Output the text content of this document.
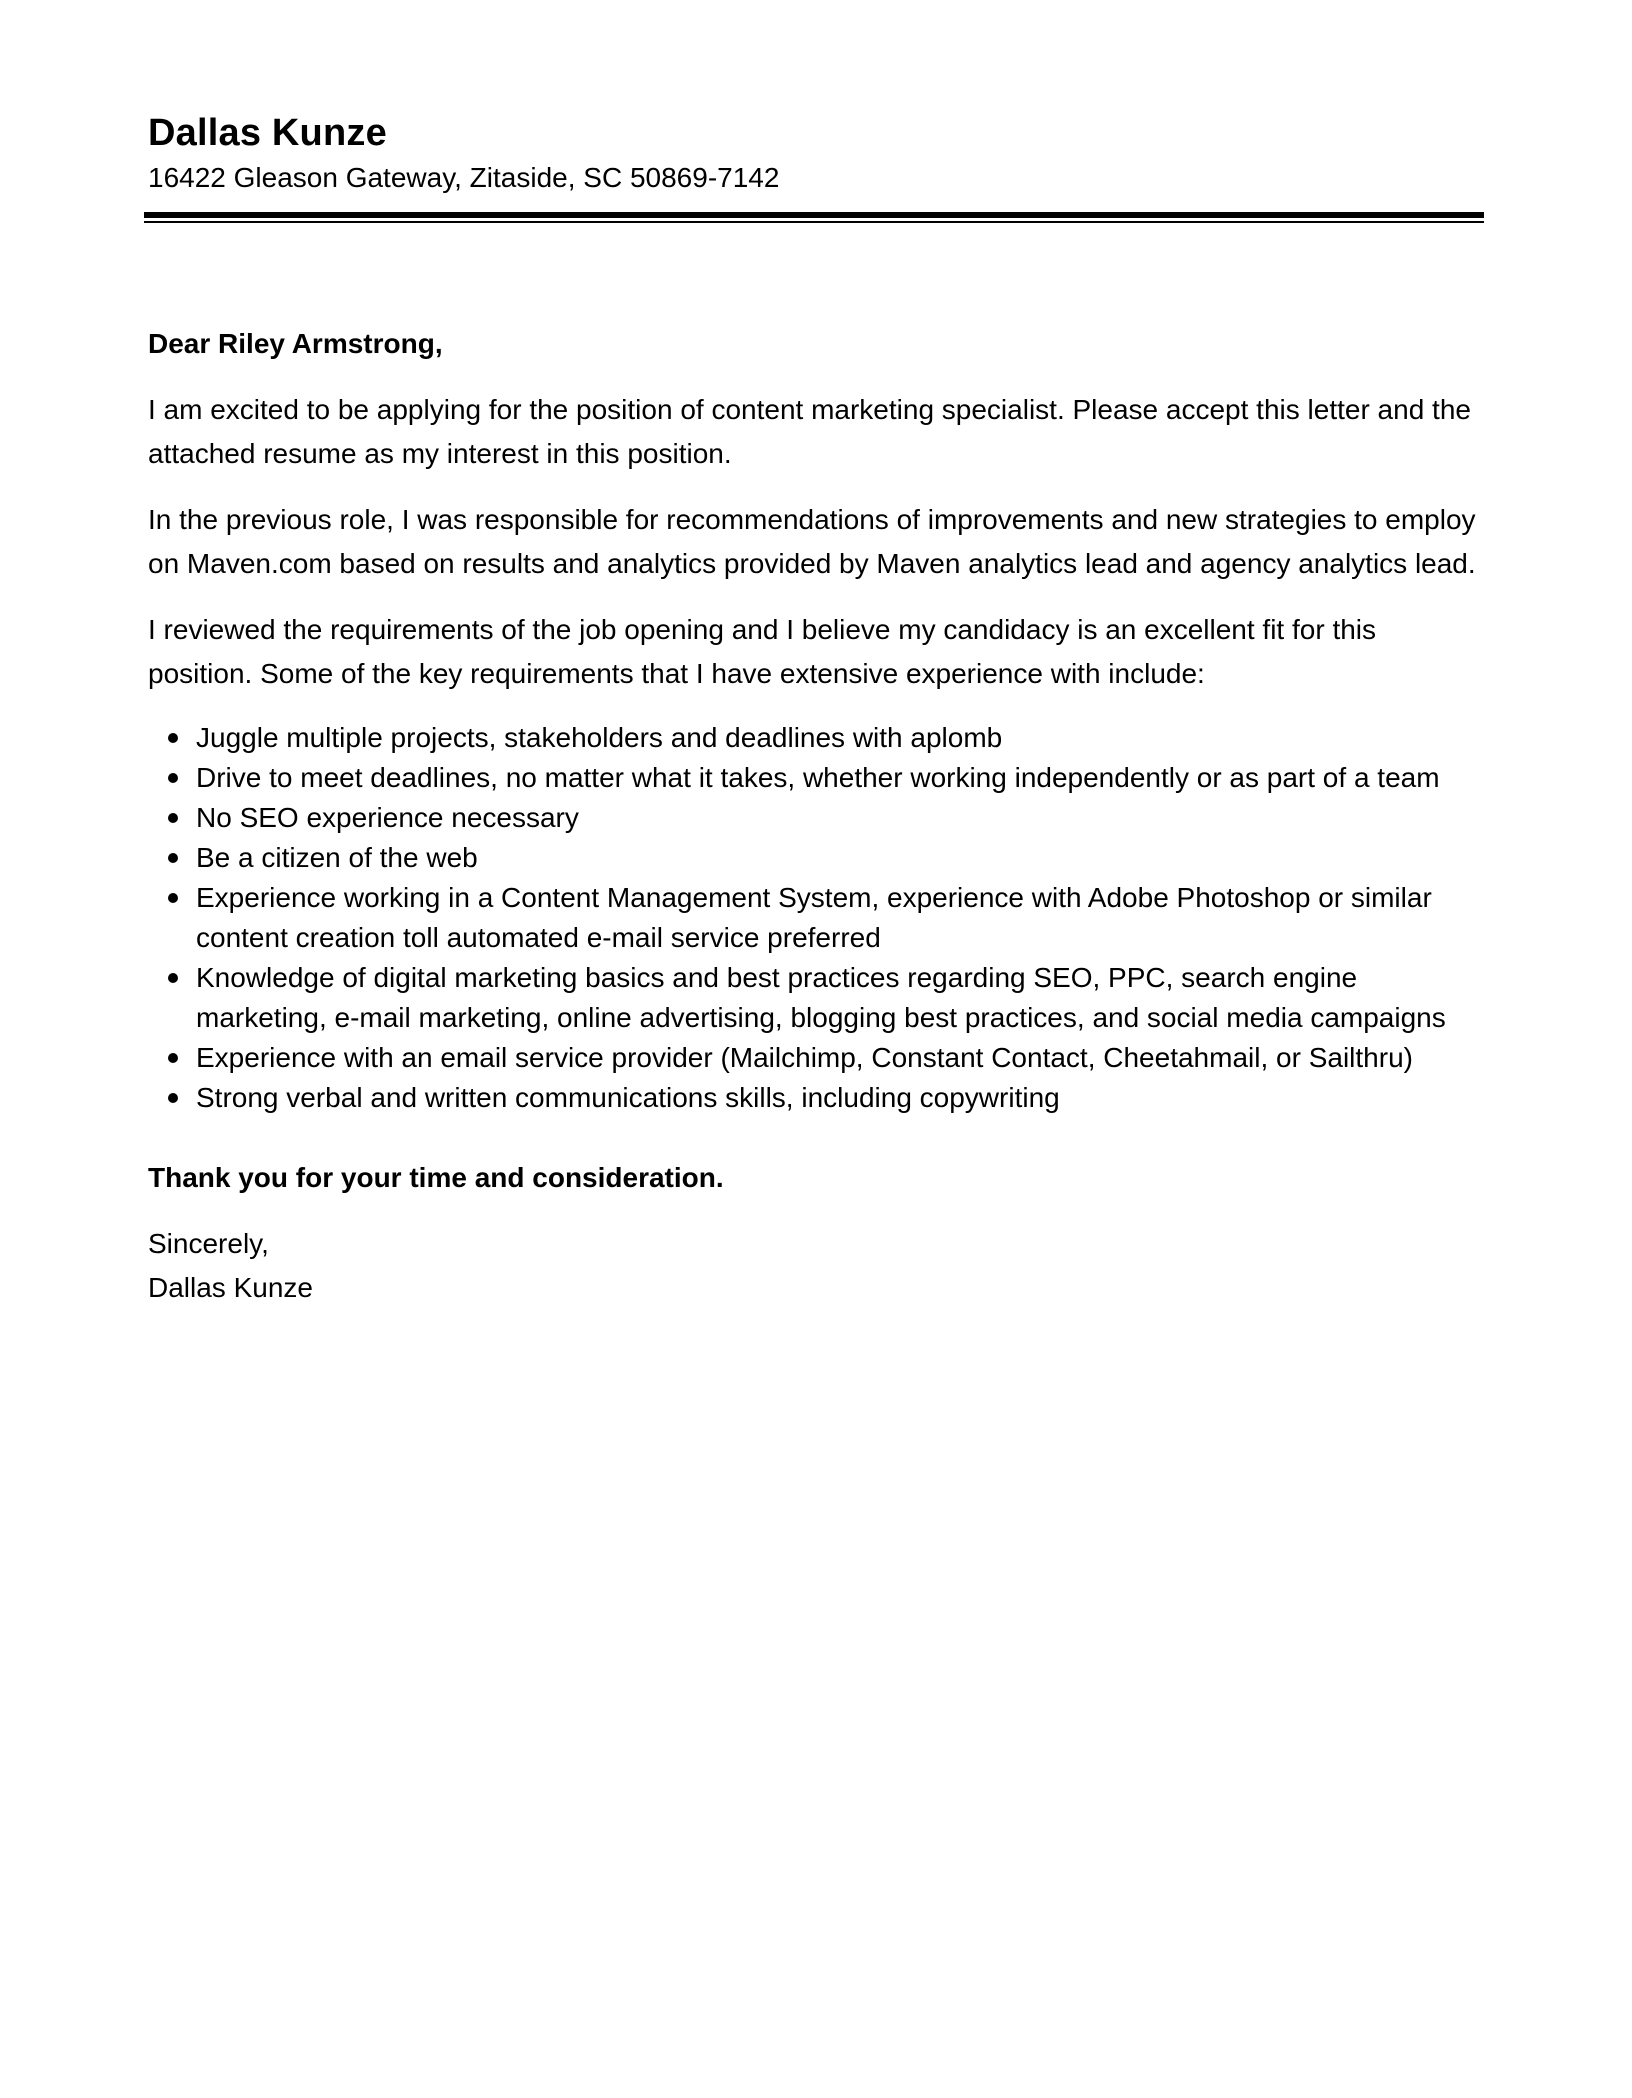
Dallas Kunze

16422 Gleason Gateway, Zitaside, SC 50869-7142

Dear Riley Armstrong,

I am excited to be applying for the position of content marketing specialist. Please accept this letter and the attached resume as my interest in this position.

In the previous role, I was responsible for recommendations of improvements and new strategies to employ on Maven.com based on results and analytics provided by Maven analytics lead and agency analytics lead.

I reviewed the requirements of the job opening and I believe my candidacy is an excellent fit for this position. Some of the key requirements that I have extensive experience with include:

Juggle multiple projects, stakeholders and deadlines with aplomb
Drive to meet deadlines, no matter what it takes, whether working independently or as part of a team
No SEO experience necessary
Be a citizen of the web
Experience working in a Content Management System, experience with Adobe Photoshop or similar content creation toll automated e-mail service preferred
Knowledge of digital marketing basics and best practices regarding SEO, PPC, search engine marketing, e-mail marketing, online advertising, blogging best practices, and social media campaigns
Experience with an email service provider (Mailchimp, Constant Contact, Cheetahmail, or Sailthru)
Strong verbal and written communications skills, including copywriting

Thank you for your time and consideration.

Sincerely,

Dallas Kunze
